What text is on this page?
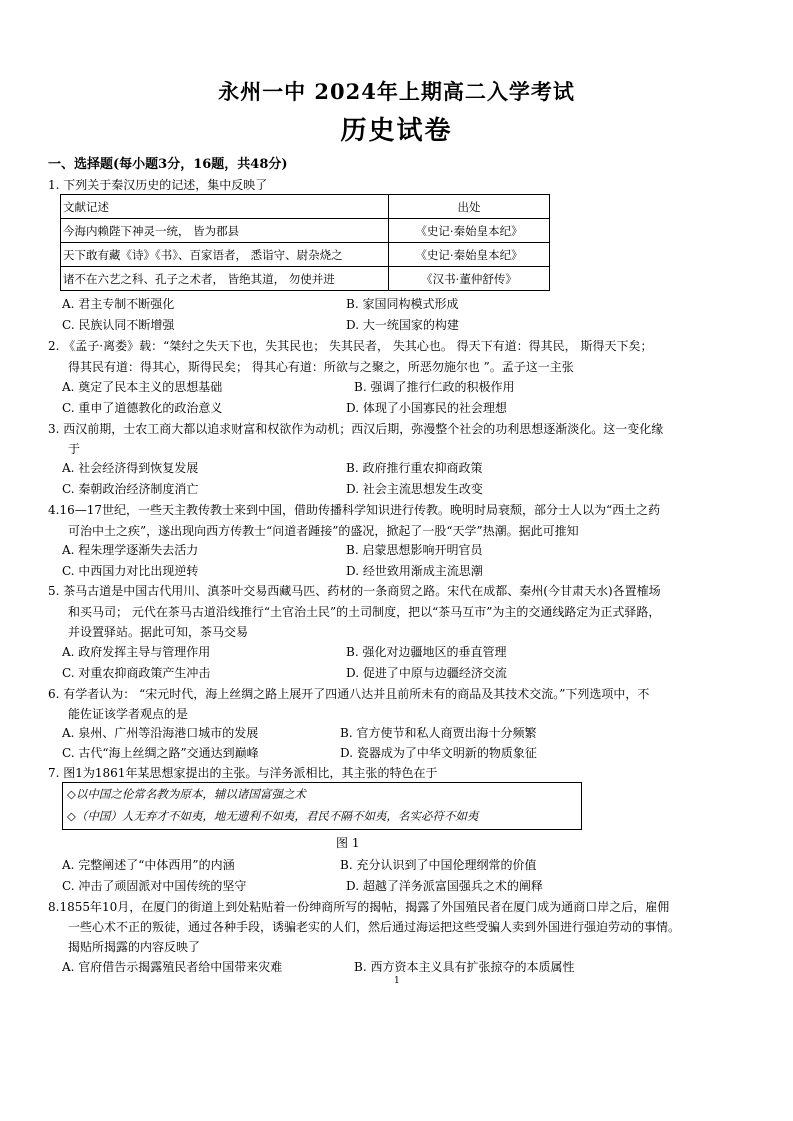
永州一中 2024年上期高二入学考试
历史试卷
一、选择题(每小题3分，16题，共48分)
1. 下列关于秦汉历史的记述，集中反映了
文献记述	出处
今海内赖陛下神灵一统， 皆为郡县	《史记·秦始皇本纪》
天下敢有藏《诗》《书》、百家语者， 悉诣守、尉杂烧之	《史记·秦始皇本纪》
诸不在六艺之科、孔子之术者， 皆绝其道， 勿使并进	《汉书·董仲舒传》
A. 君主专制不断强化	B. 家国同构模式形成
C. 民族认同不断增强	D. 大一统国家的构建
2. 《孟子·离娄》载：“桀纣之失天下也，失其民也； 失其民者， 失其心也。 得天下有道：得其民， 斯得天下矣；
得其民有道：得其心，斯得民矣； 得其心有道：所欲与之聚之，所恶勿施尔也 ”。孟子这一主张
A. 奠定了民本主义的思想基础	B. 强调了推行仁政的积极作用
C. 重申了道德教化的政治意义	D. 体现了小国寡民的社会理想
3. 西汉前期，士农工商大都以追求财富和权欲作为动机；西汉后期，弥漫整个社会的功利思想逐渐淡化。这一变化缘
于
A. 社会经济得到恢复发展	B. 政府推行重农抑商政策
C. 秦朝政治经济制度消亡	D. 社会主流思想发生改变
4.16—17世纪，一些天主教传教士来到中国，借助传播科学知识进行传教。晚明时局衰颓，部分士人以为“西土之药
可治中土之疾”，遂出现向西方传教士“问道者踵接”的盛况，掀起了一股“天学”热潮。据此可推知
A. 程朱理学逐渐失去活力	B. 启蒙思想影响开明官员
C. 中西国力对比出现逆转	D. 经世致用渐成主流思潮
5. 茶马古道是中国古代用川、滇茶叶交易西藏马匹、药材的一条商贸之路。宋代在成都、秦州(今甘肃天水)各置榷场
和买马司； 元代在茶马古道沿线推行“土官治土民”的土司制度，把以“茶马互市”为主的交通线路定为正式驿路，
并设置驿站。据此可知，茶马交易
A. 政府发挥主导与管理作用	B. 强化对边疆地区的垂直管理
C. 对重农抑商政策产生冲击	D. 促进了中原与边疆经济交流
6. 有学者认为： “宋元时代，海上丝绸之路上展开了四通八达并且前所未有的商品及其技术交流。”下列选项中，不
能佐证该学者观点的是
A. 泉州、广州等沿海港口城市的发展	B. 官方使节和私人商贾出海十分频繁
C. 古代“海上丝绸之路”交通达到巅峰	D. 瓷器成为了中华文明新的物质象征
7. 图1为1861年某思想家提出的主张。与洋务派相比，其主张的特色在于
◇以中国之伦常名教为原本，辅以诸国富强之术
◇（中国）人无弃才不如夷，地无遗利不如夷，君民不隔不如夷，名实必符不如夷
图 1
A. 完整阐述了“中体西用”的内涵	B. 充分认识到了中国伦理纲常的价值
C. 冲击了顽固派对中国传统的坚守	D. 超越了洋务派富国强兵之术的阐释
8.1855年10月，在厦门的街道上到处粘贴着一份绅商所写的揭帖，揭露了外国殖民者在厦门成为通商口岸之后，雇佣
一些心术不正的叛徒，通过各种手段，诱骗老实的人们，然后通过海运把这些受骗人卖到外国进行强迫劳动的事情。
揭贴所揭露的内容反映了
A. 官府借告示揭露殖民者给中国带来灾难	B. 西方资本主义具有扩张掠夺的本质属性
1
